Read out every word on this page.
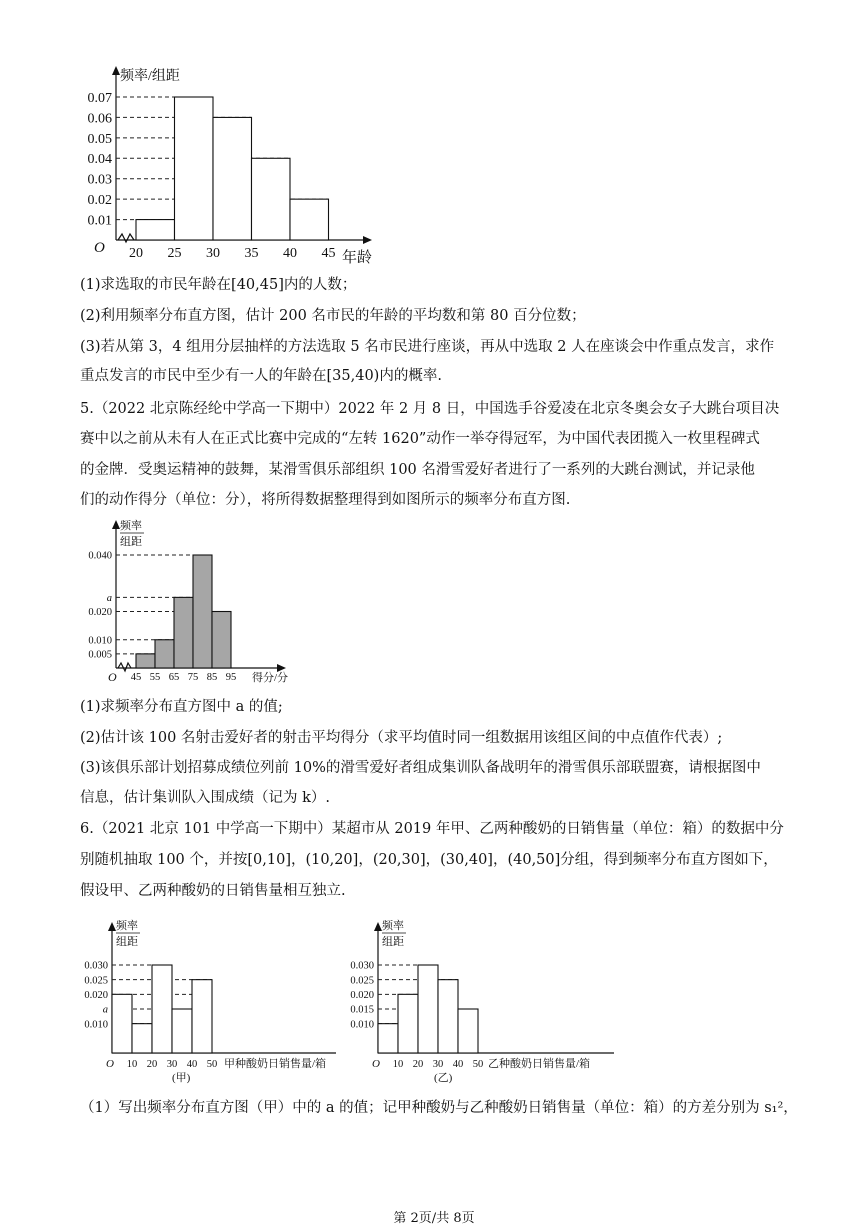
频率/组距
年龄
O
0.07
0.06
0.05
0.04
0.03
0.02
0.01
20 25 30 35 40 45
(1)求选取的市民年龄在[40,45]内的人数；
(2)利用频率分布直方图，估计 200 名市民的年龄的平均数和第 80 百分位数；
(3)若从第 3，4 组用分层抽样的方法选取 5 名市民进行座谈，再从中选取 2 人在座谈会中作重点发言，求作
重点发言的市民中至少有一人的年龄在[35,40)内的概率.
5.（2022 北京陈经纶中学高一下期中）2022 年 2 月 8 日，中国选手谷爱凌在北京冬奥会女子大跳台项目决
赛中以之前从未有人在正式比赛中完成的“左转 1620”动作一举夺得冠军，为中国代表团揽入一枚里程碑式
的金牌．受奥运精神的鼓舞，某滑雪俱乐部组织 100 名滑雪爱好者进行了一系列的大跳台测试，并记录他
们的动作得分（单位：分），将所得数据整理得到如图所示的频率分布直方图.
频率
组距
得分/分
O
0.040
a
0.020
0.010
0.005
45 55 65 75 85 95
(1)求频率分布直方图中 a 的值;
(2)估计该 100 名射击爱好者的射击平均得分（求平均值时同一组数据用该组区间的中点值作代表）;
(3)该俱乐部计划招募成绩位列前 10%的滑雪爱好者组成集训队备战明年的滑雪俱乐部联盟赛，请根据图中
信息，估计集训队入围成绩（记为 k）.
6.（2021 北京 101 中学高一下期中）某超市从 2019 年甲、乙两种酸奶的日销售量（单位：箱）的数据中分
别随机抽取 100 个，并按[0,10]，(10,20]，(20,30]，(30,40]，(40,50]分组，得到频率分布直方图如下，
假设甲、乙两种酸奶的日销售量相互独立.
频率
组距
甲种酸奶日销售量/箱
(甲)
O
0.030
0.025
0.020
a
0.010
10 20 30 40 50
频率
组距
乙种酸奶日销售量/箱
(乙)
O
0.030
0.025
0.020
0.015
0.010
10 20 30 40 50
（1）写出频率分布直方图（甲）中的 a 的值；记甲种酸奶与乙种酸奶日销售量（单位：箱）的方差分别为 s₁²，
第 2页/共 8页
